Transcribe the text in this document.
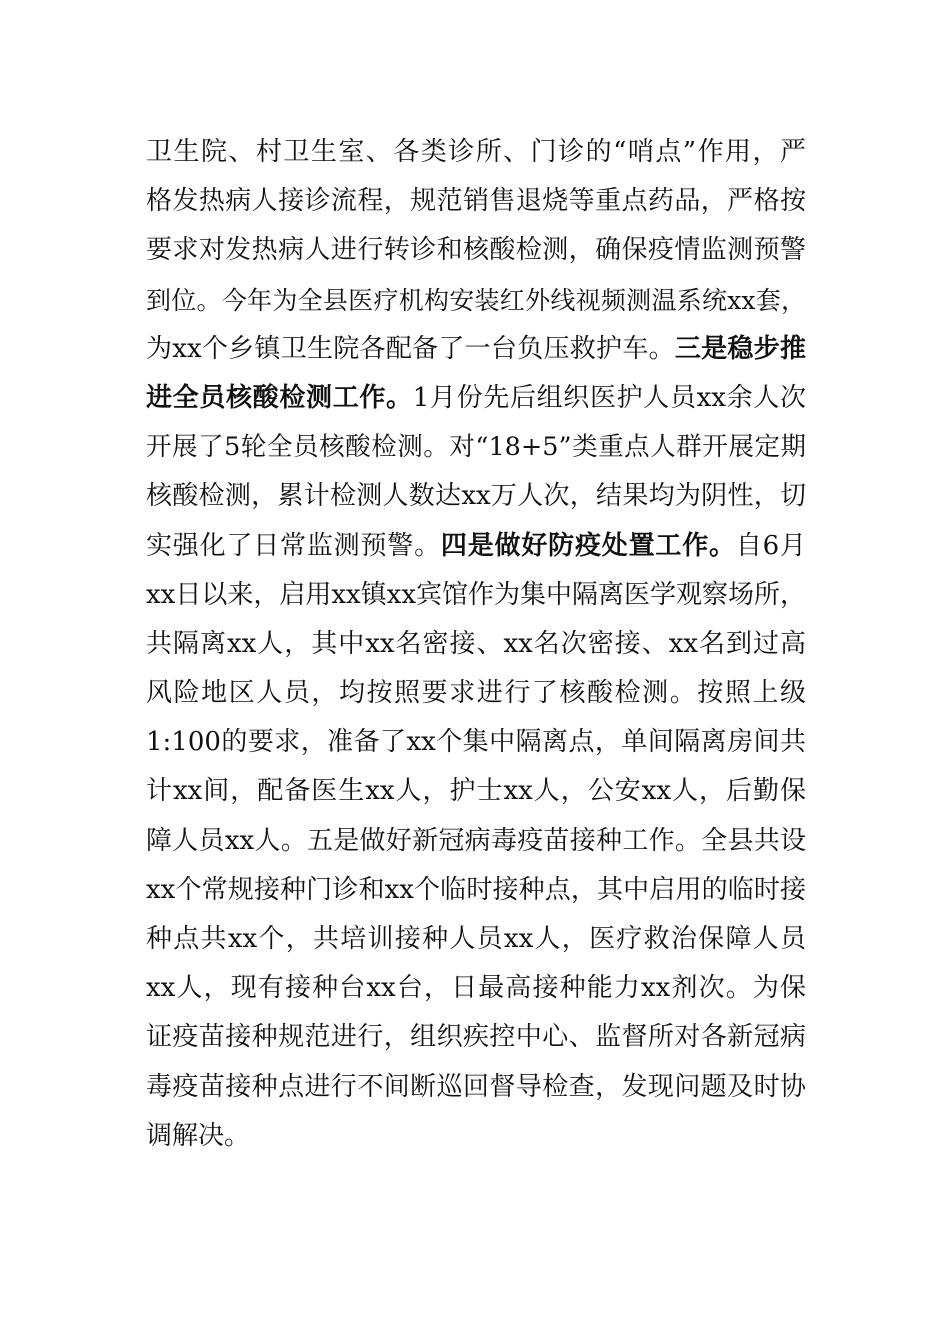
卫生院、村卫生室、各类诊所、门诊的“哨点”作用，严
格发热病人接诊流程，规范销售退烧等重点药品，严格按
要求对发热病人进行转诊和核酸检测，确保疫情监测预警
到位。今年为全县医疗机构安装红外线视频测温系统xx套，
为xx个乡镇卫生院各配备了一台负压救护车。三是稳步推
进全员核酸检测工作。1月份先后组织医护人员xx余人次
开展了5轮全员核酸检测。对“18+5”类重点人群开展定期
核酸检测，累计检测人数达xx万人次，结果均为阴性，切
实强化了日常监测预警。四是做好防疫处置工作。自6月
xx日以来，启用xx镇xx宾馆作为集中隔离医学观察场所，
共隔离xx人，其中xx名密接、xx名次密接、xx名到过高
风险地区人员，均按照要求进行了核酸检测。按照上级
1:100的要求，准备了xx个集中隔离点，单间隔离房间共
计xx间，配备医生xx人，护士xx人，公安xx人，后勤保
障人员xx人。五是做好新冠病毒疫苗接种工作。全县共设
xx个常规接种门诊和xx个临时接种点，其中启用的临时接
种点共xx个，共培训接种人员xx人，医疗救治保障人员
xx人，现有接种台xx台，日最高接种能力xx剂次。为保
证疫苗接种规范进行，组织疾控中心、监督所对各新冠病
毒疫苗接种点进行不间断巡回督导检查，发现问题及时协
调解决。
